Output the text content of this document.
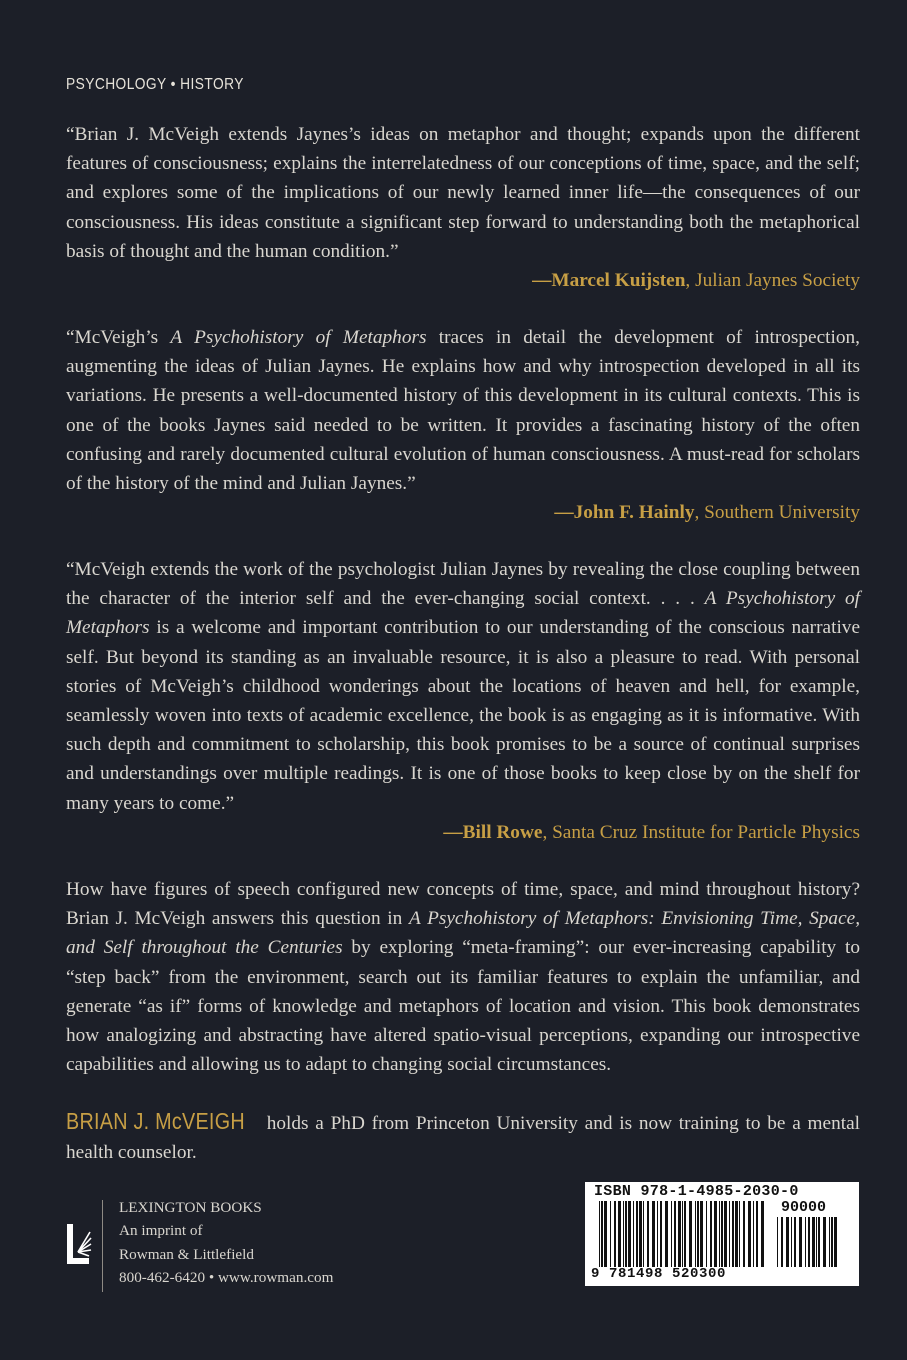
PSYCHOLOGY • HISTORY

“Brian J. McVeigh extends Jaynes’s ideas on metaphor and thought; expands upon the different features of consciousness; explains the interrelatedness of our conceptions of time, space, and the self; and explores some of the implications of our newly learned inner life—the consequences of our consciousness. His ideas constitute a significant step forward to understanding both the metaphorical basis of thought and the human condition.”

—Marcel Kuijsten, Julian Jaynes Society

“McVeigh’s A Psychohistory of Metaphors traces in detail the development of introspection, augmenting the ideas of Julian Jaynes. He explains how and why introspection developed in all its variations. He presents a well-documented history of this development in its cultural contexts. This is one of the books Jaynes said needed to be written. It provides a fascinating history of the often confusing and rarely documented cultural evolution of human consciousness. A must-read for scholars of the history of the mind and Julian Jaynes.”

—John F. Hainly, Southern University

“McVeigh extends the work of the psychologist Julian Jaynes by revealing the close coupling between the character of the interior self and the ever-changing social context. . . . A Psychohistory of Metaphors is a welcome and important contribution to our understanding of the conscious narrative self. But beyond its standing as an invaluable resource, it is also a pleasure to read. With personal stories of McVeigh’s childhood wonderings about the locations of heaven and hell, for example, seamlessly woven into texts of academic excellence, the book is as engaging as it is informative. With such depth and commitment to scholarship, this book promises to be a source of continual surprises and understandings over multiple readings. It is one of those books to keep close by on the shelf for many years to come.”

—Bill Rowe, Santa Cruz Institute for Particle Physics

How have figures of speech configured new concepts of time, space, and mind throughout history? Brian J. McVeigh answers this question in A Psychohistory of Metaphors: Envisioning Time, Space, and Self throughout the Centuries by exploring “meta-framing”: our ever-increasing capability to “step back” from the environment, search out its familiar features to explain the unfamiliar, and generate “as if” forms of knowledge and metaphors of location and vision. This book demonstrates how analogizing and abstracting have altered spatio-visual perceptions, expanding our introspective capabilities and allowing us to adapt to changing social circumstances.

BRIAN J. McVEIGH holds a PhD from Princeton University and is now training to be a mental health counselor.

LEXINGTON BOOKS
An imprint of
Rowman & Littlefield
800-462-6420 • www.rowman.com
ISBN 978-1-4985-2030-0
90000
9 781498 520300
